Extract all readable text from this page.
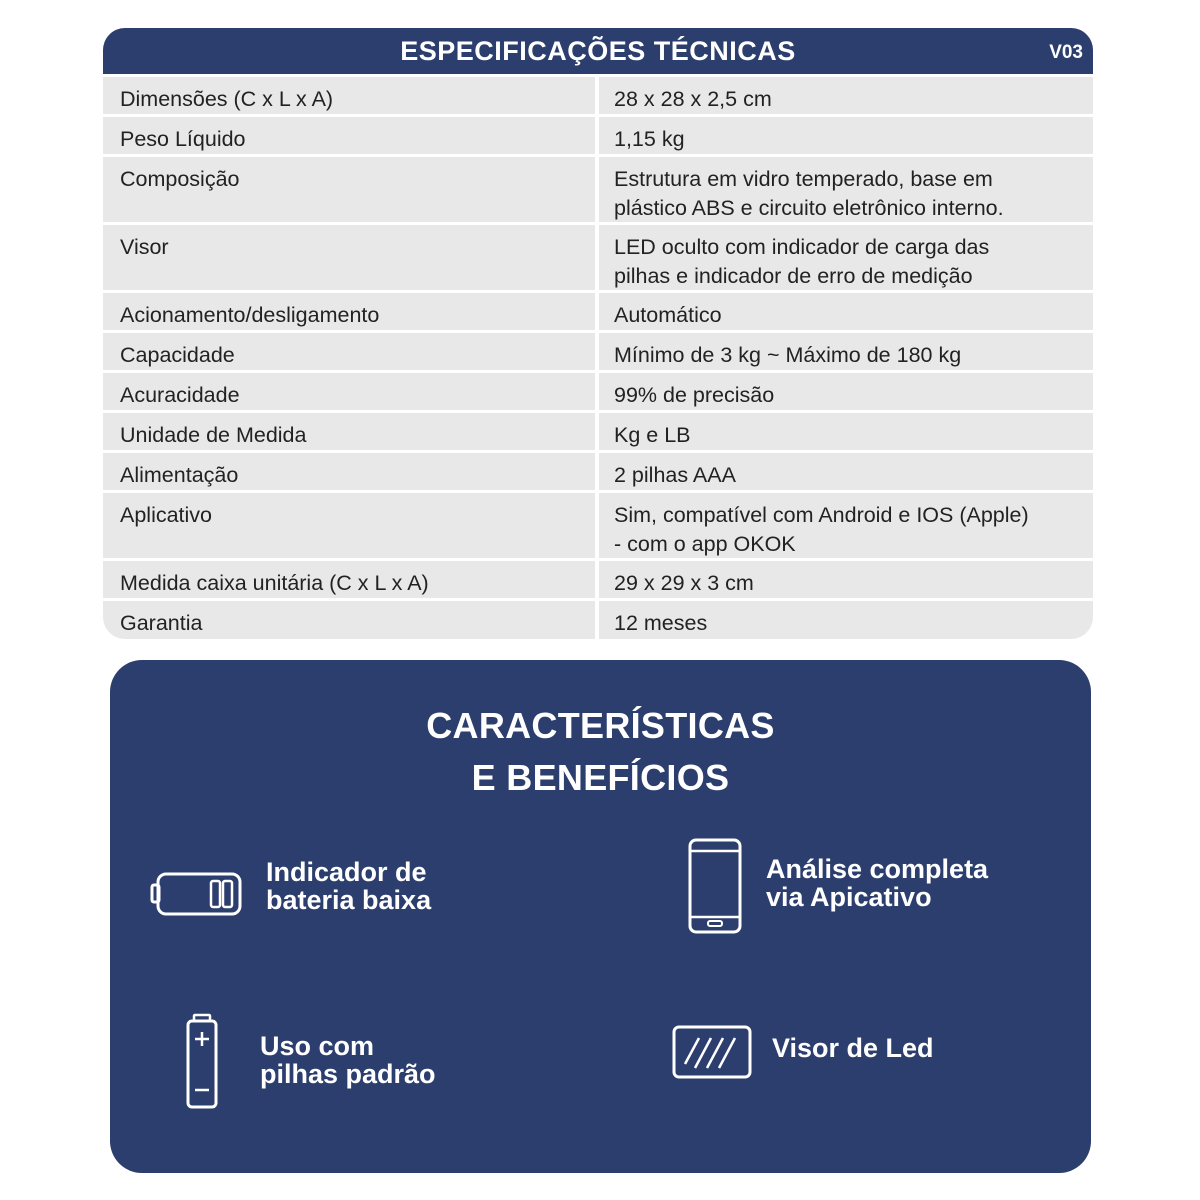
ESPECIFICAÇÕES TÉCNICAS	V03
Dimensões (C x L x A)	28 x 28 x 2,5 cm
Peso Líquido	1,15 kg
Composição	Estrutura em vidro temperado, base em
plástico ABS e circuito eletrônico interno.
Visor	LED oculto com indicador de carga das
pilhas e indicador de erro de medição
Acionamento/desligamento	Automático
Capacidade	Mínimo de 3 kg ~ Máximo de 180 kg
Acuracidade	99% de precisão
Unidade de Medida	Kg e LB
Alimentação	2 pilhas AAA
Aplicativo	Sim, compatível com Android e IOS (Apple)
- com o app OKOK
Medida caixa unitária (C x L x A)	29 x 29 x 3 cm
Garantia	12 meses
CARACTERÍSTICAS
E BENEFÍCIOS
Indicador de
bateria baixa
Análise completa
via Apicativo
Uso com
pilhas padrão
Visor de Led
